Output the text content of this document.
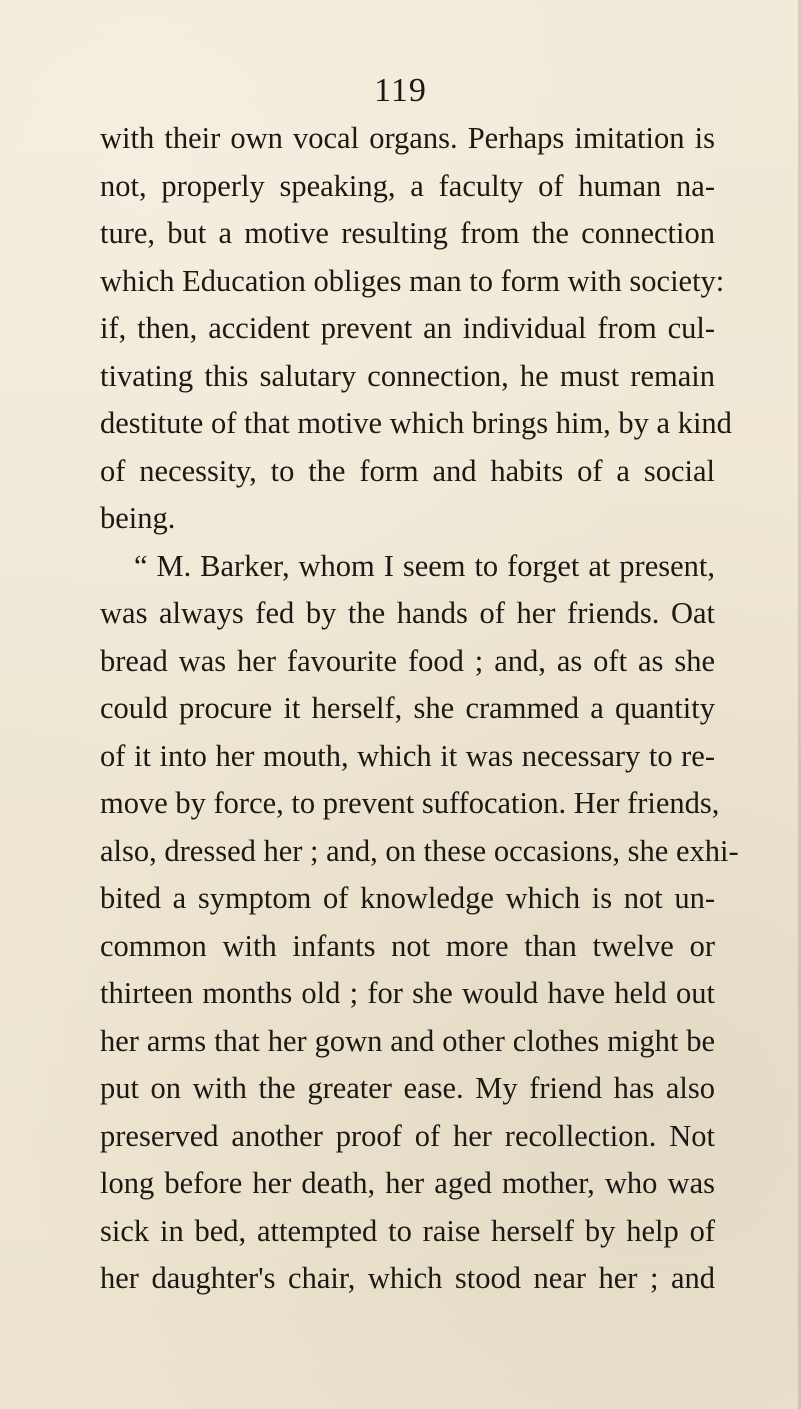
119
with their own vocal organs. Perhaps imitation is
not, properly speaking, a faculty of human na-
ture, but a motive resulting from the connection
which Education obliges man to form with society:
if, then, accident prevent an individual from cul-
tivating this salutary connection, he must remain
destitute of that motive which brings him, by a kind
of necessity, to the form and habits of a social
being.
“ M. Barker, whom I seem to forget at present,
was always fed by the hands of her friends. Oat
bread was her favourite food ; and, as oft as she
could procure it herself, she crammed a quantity
of it into her mouth, which it was necessary to re-
move by force, to prevent suffocation. Her friends,
also, dressed her ; and, on these occasions, she exhi-
bited a symptom of knowledge which is not un-
common with infants not more than twelve or
thirteen months old ; for she would have held out
her arms that her gown and other clothes might be
put on with the greater ease. My friend has also
preserved another proof of her recollection. Not
long before her death, her aged mother, who was
sick in bed, attempted to raise herself by help of
her daughter's chair, which stood near her ; and
